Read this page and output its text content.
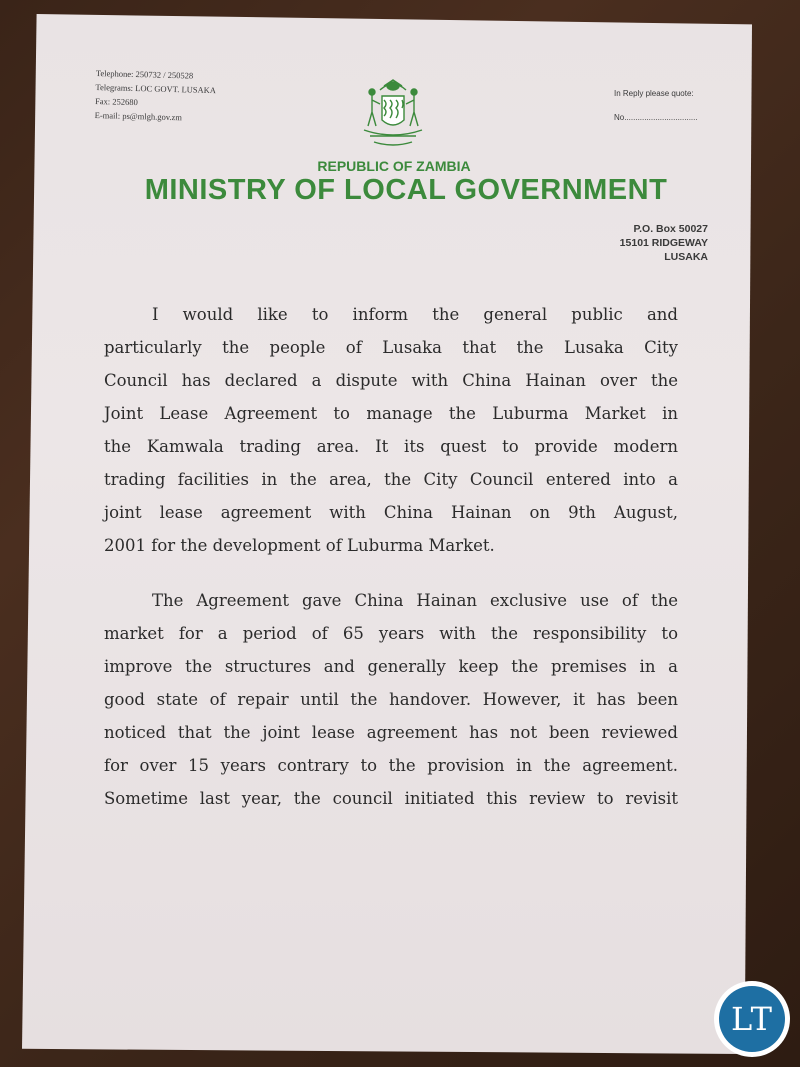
Telephone: 250732 / 250528
Telegrams: LOC GOVT. LUSAKA
Fax: 252680
E-mail: ps@mlgh.gov.zm
In Reply please quote:
No. .....
REPUBLIC OF ZAMBIA
MINISTRY OF LOCAL GOVERNMENT
P.O. Box 50027
15101 RIDGEWAY
LUSAKA
I would like to inform the general public and
particularly the people of Lusaka that the Lusaka City
Council has declared a dispute with China Hainan over the
Joint Lease Agreement to manage the Luburma Market in
the Kamwala trading area. It its quest to provide modern
trading facilities in the area, the City Council entered into a
joint lease agreement with China Hainan on 9th August,
2001 for the development of Luburma Market.
The Agreement gave China Hainan exclusive use of the
market for a period of 65 years with the responsibility to
improve the structures and generally keep the premises in a
good state of repair until the handover. However, it has been
noticed that the joint lease agreement has not been reviewed
for over 15 years contrary to the provision in the agreement.
Sometime last year, the council initiated this review to revisit
LT
